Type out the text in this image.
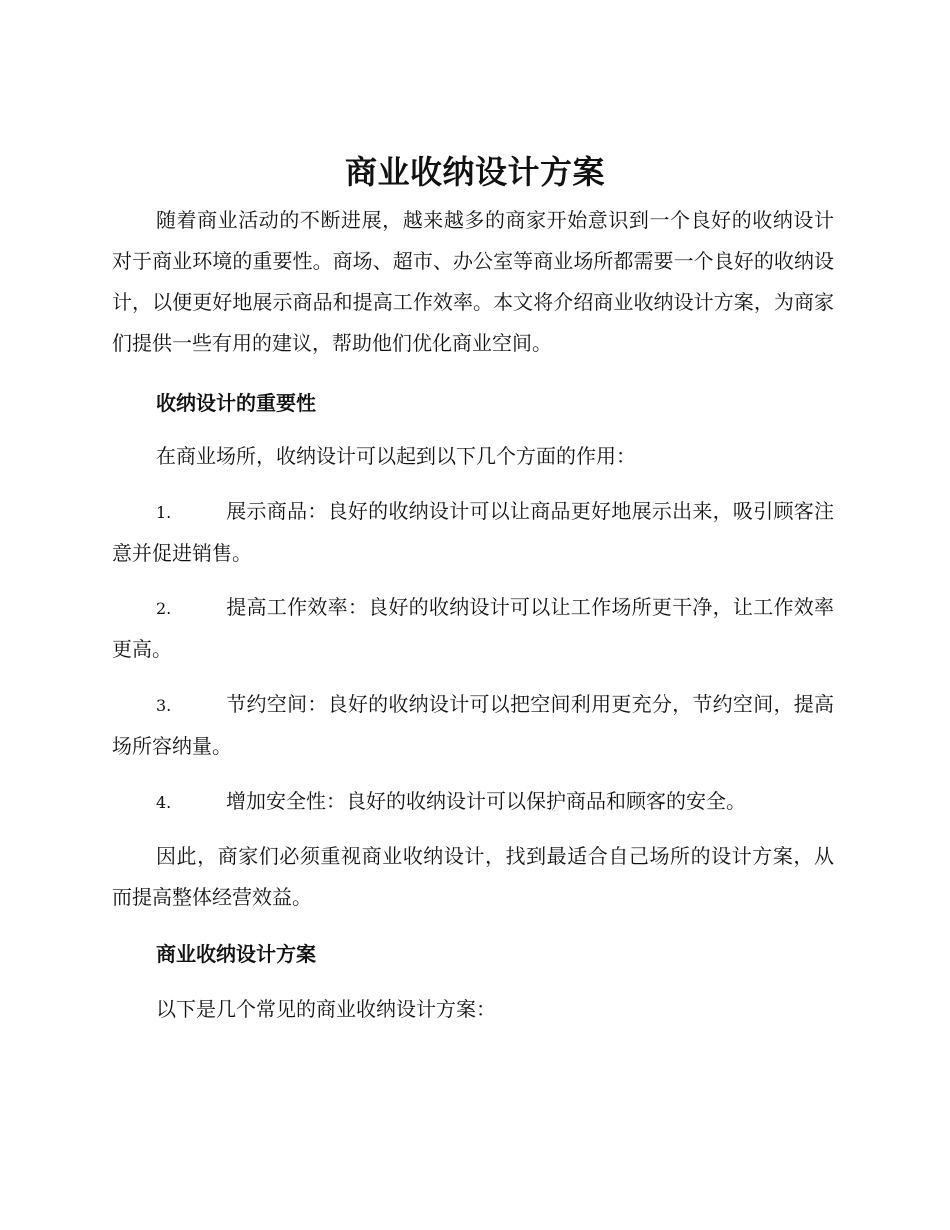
商业收纳设计方案

随着商业活动的不断进展，越来越多的商家开始意识到一个良好的收纳设计对于商业环境的重要性。商场、超市、办公室等商业场所都需要一个良好的收纳设计，以便更好地展示商品和提高工作效率。本文将介绍商业收纳设计方案，为商家们提供一些有用的建议，帮助他们优化商业空间。

收纳设计的重要性

在商业场所，收纳设计可以起到以下几个方面的作用：

1.	展示商品：良好的收纳设计可以让商品更好地展示出来，吸引顾客注意并促进销售。

2.	提高工作效率：良好的收纳设计可以让工作场所更干净，让工作效率更高。

3.	节约空间：良好的收纳设计可以把空间利用更充分，节约空间，提高场所容纳量。

4.	增加安全性：良好的收纳设计可以保护商品和顾客的安全。

因此，商家们必须重视商业收纳设计，找到最适合自己场所的设计方案，从而提高整体经营效益。

商业收纳设计方案

以下是几个常见的商业收纳设计方案：
